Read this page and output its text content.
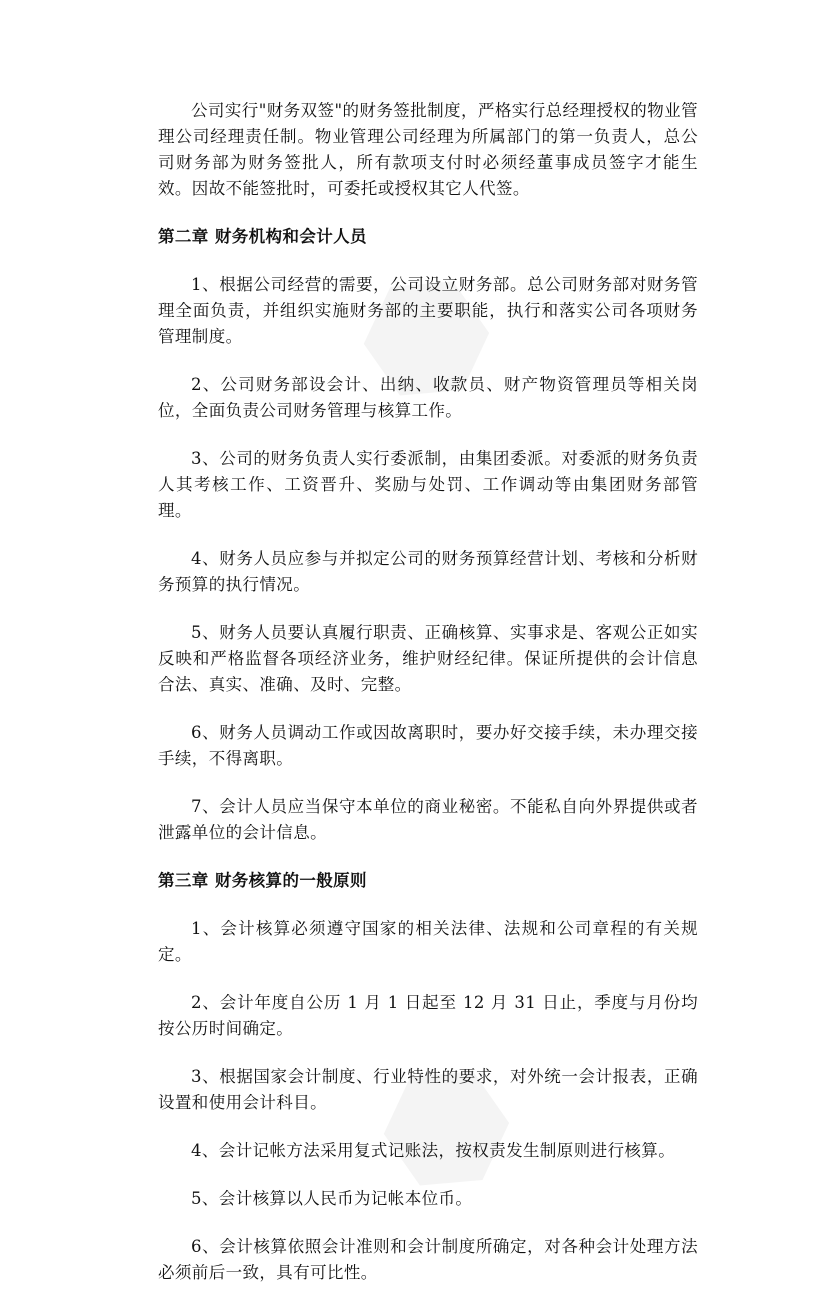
公司实行"财务双签"的财务签批制度，严格实行总经理授权的物业管理公司经理责任制。物业管理公司经理为所属部门的第一负责人，总公司财务部为财务签批人，所有款项支付时必须经董事成员签字才能生效。因故不能签批时，可委托或授权其它人代签。

第二章 财务机构和会计人员

1、根据公司经营的需要，公司设立财务部。总公司财务部对财务管理全面负责，并组织实施财务部的主要职能，执行和落实公司各项财务管理制度。

2、公司财务部设会计、出纳、收款员、财产物资管理员等相关岗位，全面负责公司财务管理与核算工作。

3、公司的财务负责人实行委派制，由集团委派。对委派的财务负责人其考核工作、工资晋升、奖励与处罚、工作调动等由集团财务部管理。

4、财务人员应参与并拟定公司的财务预算经营计划、考核和分析财务预算的执行情况。

5、财务人员要认真履行职责、正确核算、实事求是、客观公正如实反映和严格监督各项经济业务，维护财经纪律。保证所提供的会计信息合法、真实、准确、及时、完整。

6、财务人员调动工作或因故离职时，要办好交接手续，未办理交接手续，不得离职。

7、会计人员应当保守本单位的商业秘密。不能私自向外界提供或者泄露单位的会计信息。

第三章 财务核算的一般原则

1、会计核算必须遵守国家的相关法律、法规和公司章程的有关规定。

2、会计年度自公历 1 月 1 日起至 12 月 31 日止，季度与月份均按公历时间确定。

3、根据国家会计制度、行业特性的要求，对外统一会计报表，正确设置和使用会计科目。

4、会计记帐方法采用复式记账法，按权责发生制原则进行核算。

5、会计核算以人民币为记帐本位币。

6、会计核算依照会计准则和会计制度所确定，对各种会计处理方法必须前后一致，具有可比性。
